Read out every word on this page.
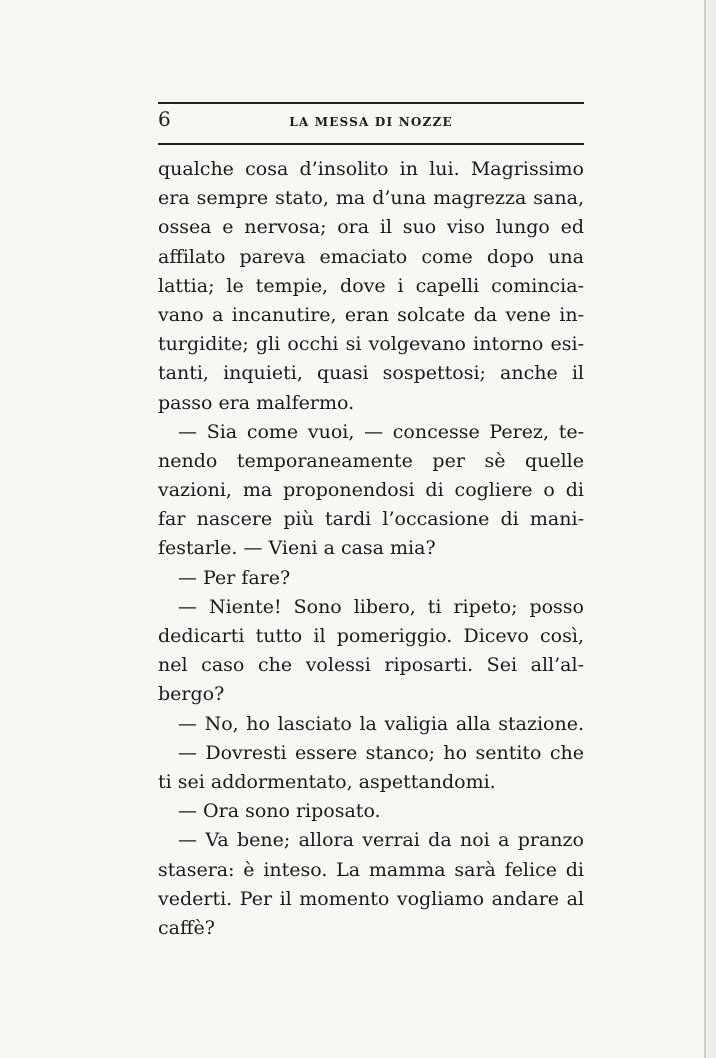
6	LA MESSA DI NOZZE
qualche cosa d’insolito in lui. Magrissimo
era sempre stato, ma d’una magrezza sana,
ossea e nervosa; ora il suo viso lungo ed
affilato pareva emaciato come dopo una
lattia; le tempie, dove i capelli comincia-
vano a incanutire, eran solcate da vene in-
turgidite; gli occhi si volgevano intorno esi-
tanti, inquieti, quasi sospettosi; anche il
passo era malfermo.
— Sia come vuoi, — concesse Perez, te-
nendo temporaneamente per sè quelle
vazioni, ma proponendosi di cogliere o di
far nascere più tardi l’occasione di mani-
festarle. — Vieni a casa mia?
— Per fare?
— Niente! Sono libero, ti ripeto; posso
dedicarti tutto il pomeriggio. Dicevo così,
nel caso che volessi riposarti. Sei all’al-
bergo?
— No, ho lasciato la valigia alla stazione.
— Dovresti essere stanco; ho sentito che
ti sei addormentato, aspettandomi.
— Ora sono riposato.
— Va bene; allora verrai da noi a pranzo
stasera: è inteso. La mamma sarà felice di
vederti. Per il momento vogliamo andare al
caffè?
